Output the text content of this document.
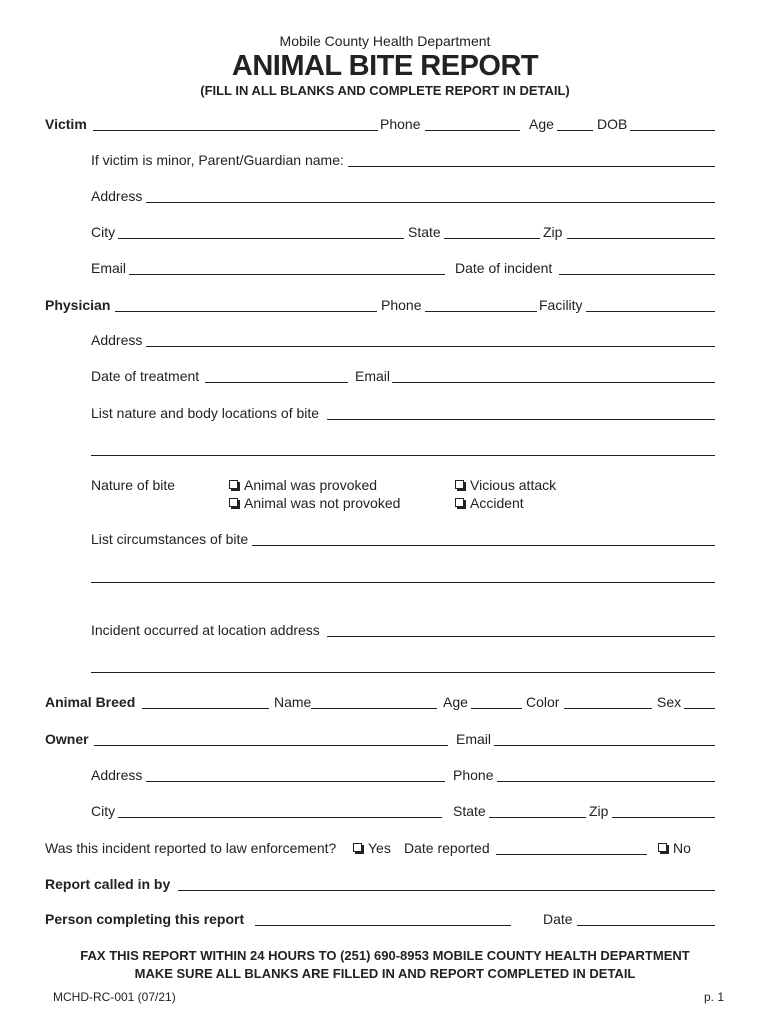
Mobile County Health Department
ANIMAL BITE REPORT
(FILL IN ALL BLANKS AND COMPLETE REPORT IN DETAIL)
Victim	Phone	Age	DOB
If victim is minor, Parent/Guardian name:
Address
City	State	Zip
Email	Date of incident
Physician	Phone	Facility
Address
Date of treatment	Email
List nature and body locations of bite
Nature of bite	Animal was provoked
Animal was not provoked
Vicious attack
Accident
List circumstances of bite
Incident occurred at location address
Animal Breed	Name	Age	Color	Sex
Owner	Email
Address	Phone
City	State	Zip
Was this incident reported to law enforcement? Yes Date reported	No
Report called in by
Person completing this report	Date
FAX THIS REPORT WITHIN 24 HOURS TO (251) 690-8953 MOBILE COUNTY HEALTH DEPARTMENT
MAKE SURE ALL BLANKS ARE FILLED IN AND REPORT COMPLETED IN DETAIL
MCHD-RC-001 (07/21)	p. 1
